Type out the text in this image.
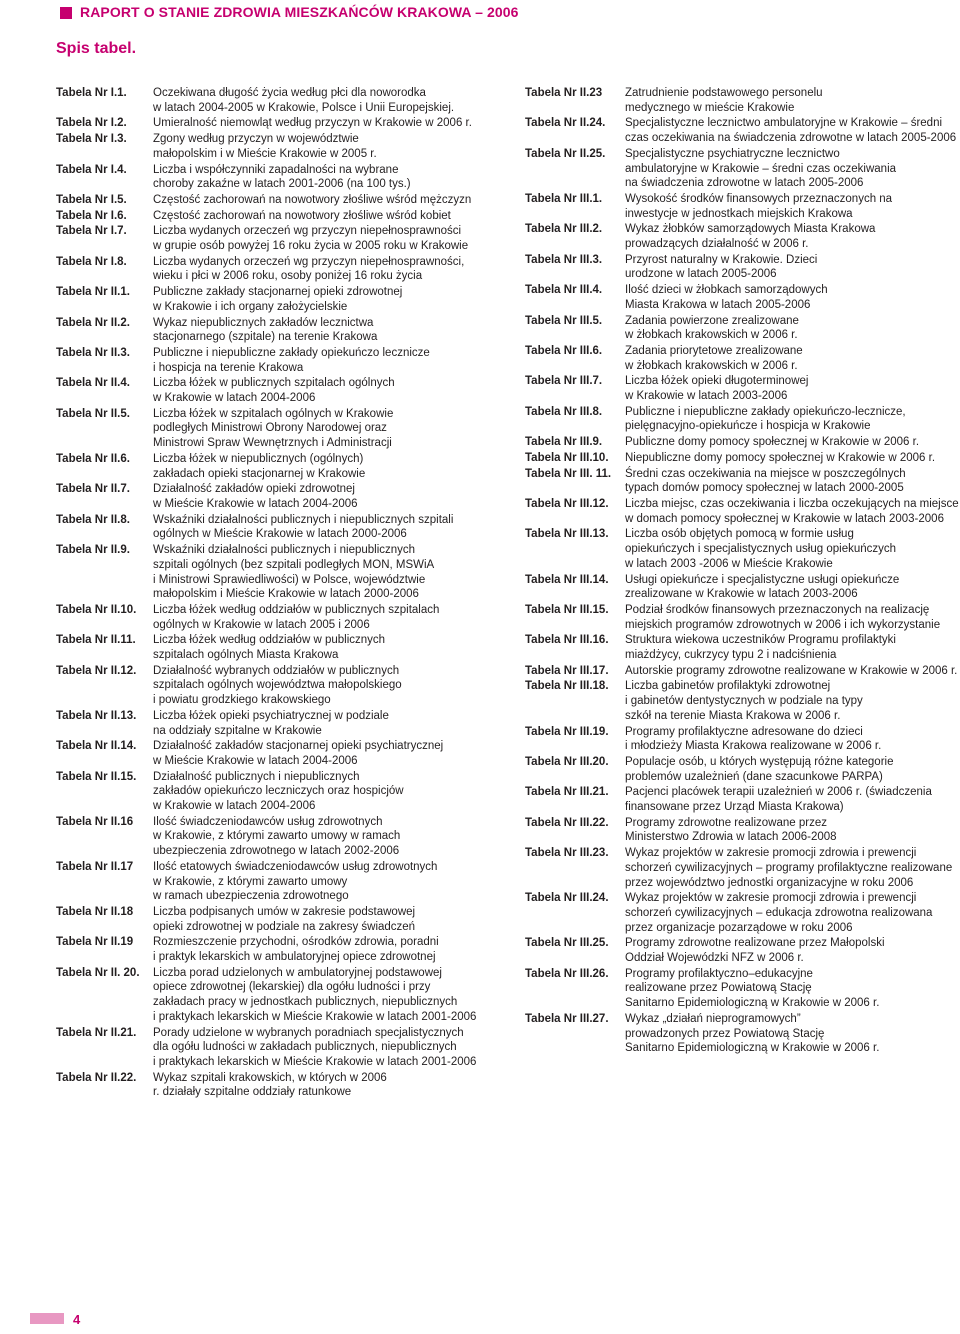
RAPORT O STANIE ZDROWIA MIESZKAŃCÓW KRAKOWA – 2006
Spis tabel.
Tabela Nr I.1.	Oczekiwana długość życia według płci dla noworodka
w latach 2004-2005 w Krakowie, Polsce i Unii Europejskiej.
Tabela Nr I.2.	Umieralność niemowląt według przyczyn w Krakowie w 2006 r.
Tabela Nr I.3.	Zgony według przyczyn w województwie
małopolskim i w Mieście Krakowie w 2005 r.
Tabela Nr I.4.	Liczba i współczynniki zapadalności na wybrane
choroby zakaźne w latach 2001-2006 (na 100 tys.)
Tabela Nr I.5.	Częstość zachorowań na nowotwory złośliwe wśród mężczyzn
Tabela Nr I.6.	Częstość zachorowań na nowotwory złośliwe wśród kobiet
Tabela Nr I.7.	Liczba wydanych orzeczeń wg przyczyn niepełnosprawności
w grupie osób powyżej 16 roku życia w 2005 roku w Krakowie
Tabela Nr I.8.	Liczba wydanych orzeczeń wg przyczyn niepełnosprawności,
wieku i płci w 2006 roku, osoby poniżej 16 roku życia
Tabela Nr II.1.	Publiczne zakłady stacjonarnej opieki zdrowotnej
w Krakowie i ich organy założycielskie
Tabela Nr II.2.	Wykaz niepublicznych zakładów lecznictwa
stacjonarnego (szpitale) na terenie Krakowa
Tabela Nr II.3.	Publiczne i niepubliczne zakłady opiekuńczo lecznicze
i hospicja na terenie Krakowa
Tabela Nr II.4.	Liczba łóżek w publicznych szpitalach ogólnych
w Krakowie w latach 2004-2006
Tabela Nr II.5.	Liczba łóżek w szpitalach ogólnych w Krakowie
podległych Ministrowi Obrony Narodowej oraz
Ministrowi Spraw Wewnętrznych i Administracji
Tabela Nr II.6.	Liczba łóżek w niepublicznych (ogólnych)
zakładach opieki stacjonarnej w Krakowie
Tabela Nr II.7.	Działalność zakładów opieki zdrowotnej
w Mieście Krakowie w latach 2004-2006
Tabela Nr II.8.	Wskaźniki działalności publicznych i niepublicznych szpitali
ogólnych w Mieście Krakowie w latach 2000-2006
Tabela Nr II.9.	Wskaźniki działalności publicznych i niepublicznych
szpitali ogólnych (bez szpitali podległych MON, MSWiA
i Ministrowi Sprawiedliwości) w Polsce, województwie
małopolskim i Mieście Krakowie w latach 2000-2006
Tabela Nr II.10.	Liczba łóżek według oddziałów w publicznych szpitalach
ogólnych w Krakowie w latach 2005 i 2006
Tabela Nr II.11.	Liczba łóżek według oddziałów w publicznych
szpitalach ogólnych Miasta Krakowa
Tabela Nr II.12.	Działalność wybranych oddziałów w publicznych
szpitalach ogólnych województwa małopolskiego
i powiatu grodzkiego krakowskiego
Tabela Nr II.13.	Liczba łóżek opieki psychiatrycznej w podziale
na oddziały szpitalne w Krakowie
Tabela Nr II.14.	Działalność zakładów stacjonarnej opieki psychiatrycznej
w Mieście Krakowie w latach 2004-2006
Tabela Nr II.15.	Działalność publicznych i niepublicznych
zakładów opiekuńczo leczniczych oraz hospicjów
w Krakowie w latach 2004-2006
Tabela Nr II.16	Ilość świadczeniodawców usług zdrowotnych
w Krakowie, z którymi zawarto umowy w ramach
ubezpieczenia zdrowotnego w latach 2002-2006
Tabela Nr II.17	Ilość etatowych świadczeniodawców usług zdrowotnych
w Krakowie, z którymi zawarto umowy
w ramach ubezpieczenia zdrowotnego
Tabela Nr II.18	Liczba podpisanych umów w zakresie podstawowej
opieki zdrowotnej w podziale na zakresy świadczeń
Tabela Nr II.19	Rozmieszczenie przychodni, ośrodków zdrowia, poradni
i praktyk lekarskich w ambulatoryjnej opiece zdrowotnej
Tabela Nr II. 20.	Liczba porad udzielonych w ambulatoryjnej podstawowej
opiece zdrowotnej (lekarskiej) dla ogółu ludności i przy
zakładach pracy w jednostkach publicznych, niepublicznych
i praktykach lekarskich w Mieście Krakowie w latach 2001-2006
Tabela Nr II.21.	Porady udzielone w wybranych poradniach specjalistycznych
dla ogółu ludności w zakładach publicznych, niepublicznych
i praktykach lekarskich w Mieście Krakowie w latach 2001-2006
Tabela Nr II.22.	Wykaz szpitali krakowskich, w których w 2006
r. działały szpitalne oddziały ratunkowe
Tabela Nr II.23	Zatrudnienie podstawowego personelu
medycznego w mieście Krakowie
Tabela Nr II.24.	Specjalistyczne lecznictwo ambulatoryjne w Krakowie – średni
czas oczekiwania na świadczenia zdrowotne w latach 2005-2006
Tabela Nr II.25.	Specjalistyczne psychiatryczne lecznictwo
ambulatoryjne w Krakowie – średni czas oczekiwania
na świadczenia zdrowotne w latach 2005-2006
Tabela Nr III.1.	Wysokość środków finansowych przeznaczonych na
inwestycje w jednostkach miejskich Krakowa
Tabela Nr III.2.	Wykaz żłobków samorządowych Miasta Krakowa
prowadzących działalność w 2006 r.
Tabela Nr III.3.	Przyrost naturalny w Krakowie. Dzieci
urodzone w latach 2005-2006
Tabela Nr III.4.	Ilość dzieci w żłobkach samorządowych
Miasta Krakowa w latach 2005-2006
Tabela Nr III.5.	Zadania powierzone zrealizowane
w żłobkach krakowskich w 2006 r.
Tabela Nr III.6.	Zadania priorytetowe zrealizowane
w żłobkach krakowskich w 2006 r.
Tabela Nr III.7.	Liczba łóżek opieki długoterminowej
w Krakowie w latach 2003-2006
Tabela Nr III.8.	Publiczne i niepubliczne zakłady opiekuńczo-lecznicze,
pielęgnacyjno-opiekuńcze i hospicja w Krakowie
Tabela Nr III.9.	Publiczne domy pomocy społecznej w Krakowie w 2006 r.
Tabela Nr III.10.	Niepubliczne domy pomocy społecznej w Krakowie w 2006 r.
Tabela Nr III. 11.	Średni czas oczekiwania na miejsce w poszczególnych
typach domów pomocy społecznej w latach 2000-2005
Tabela Nr III.12.	Liczba miejsc, czas oczekiwania i liczba oczekujących na miejsce
w domach pomocy społecznej w Krakowie w latach 2003-2006
Tabela Nr III.13.	Liczba osób objętych pomocą w formie usług
opiekuńczych i specjalistycznych usług opiekuńczych
w latach 2003 -2006 w Mieście Krakowie
Tabela Nr III.14.	Usługi opiekuńcze i specjalistyczne usługi opiekuńcze
zrealizowane w Krakowie w latach 2003-2006
Tabela Nr III.15.	Podział środków finansowych przeznaczonych na realizację
miejskich programów zdrowotnych w 2006 i ich wykorzystanie
Tabela Nr III.16.	Struktura wiekowa uczestników Programu profilaktyki
miażdżycy, cukrzycy typu 2 i nadciśnienia
Tabela Nr III.17.	Autorskie programy zdrowotne realizowane w Krakowie w 2006 r.
Tabela Nr III.18.	Liczba gabinetów profilaktyki zdrowotnej
i gabinetów dentystycznych w podziale na typy
szkół na terenie Miasta Krakowa w 2006 r.
Tabela Nr III.19.	Programy profilaktyczne adresowane do dzieci
i młodzieży Miasta Krakowa realizowane w 2006 r.
Tabela Nr III.20.	Populacje osób, u których występują różne kategorie
problemów uzależnień (dane szacunkowe PARPA)
Tabela Nr III.21.	Pacjenci placówek terapii uzależnień w 2006 r. (świadczenia
finansowane przez Urząd Miasta Krakowa)
Tabela Nr III.22.	Programy zdrowotne realizowane przez
Ministerstwo Zdrowia w latach 2006-2008
Tabela Nr III.23.	Wykaz projektów w zakresie promocji zdrowia i prewencji
schorzeń cywilizacyjnych – programy profilaktyczne realizowane
przez województwo jednostki organizacyjne w roku 2006
Tabela Nr III.24.	Wykaz projektów w zakresie promocji zdrowia i prewencji
schorzeń cywilizacyjnych – edukacja zdrowotna realizowana
przez organizacje pozarządowe w roku 2006
Tabela Nr III.25.	Programy zdrowotne realizowane przez Małopolski
Oddział Wojewódzki NFZ w 2006 r.
Tabela Nr III.26.	Programy profilaktyczno–edukacyjne
realizowane przez Powiatową Stację
Sanitarno Epidemiologiczną w Krakowie w 2006 r.
Tabela Nr III.27.	Wykaz „działań nieprogramowych”
prowadzonych przez Powiatową Stację
Sanitarno Epidemiologiczną w Krakowie w 2006 r.
4
